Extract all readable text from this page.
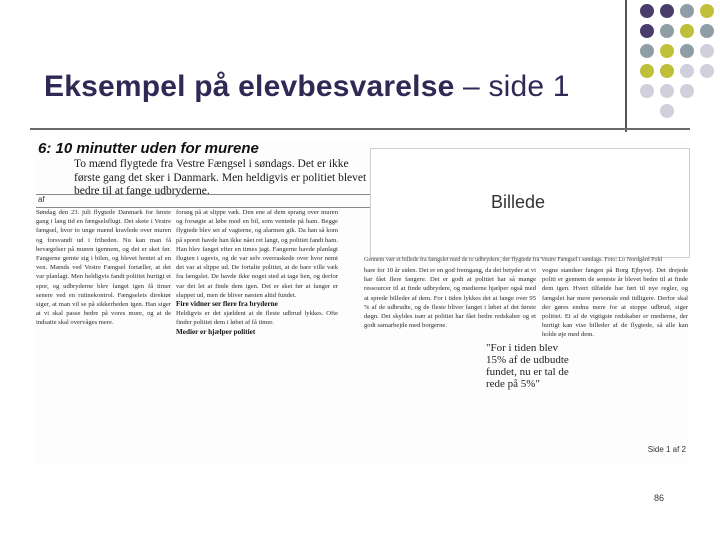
Eksempel på elevbesvarelse – side 1
6: 10 minutter uden for murene
To mænd flygtede fra Vestre Fængsel i søndags. Det er ikke første gang det sker i Danmark. Men heldigvis er politiet blevet bedre til at fange udbryderne.
af
Søndag den 23. juli flygtede Danmark for første gang i lang tid en fængselsflugt. Det skete i Vestre fængsel, hvor to unge mænd kravlede over muren og forsvandt ud i friheden. Nu kan man få bevægelser på muren igennem, og det er sket før. Fangerne gemte sig i bilen, og blevet hentet af en ven. Mænds ved Vestre Fængsel fortæller, at det var planlagt. Men heldigvis fandt politiet hurtigt et spor, og udbryderne blev fanget igen få timer senere ved en rutinekontrol. Fængselets direktør siger, at man vil se på sikkerheden igen. Han siger at vi skal passe bedre på vores mure, og at de indsatte skal overvåges mere.
forsøg på at slippe væk. Den ene af dem sprang over muren og forsøgte at løbe mod en bil, som ventede på ham. Begge flygtede blev set af vagterne, og alarmen gik. Da han så kom på sporet havde han ikke nået ret langt, og politiet fandt ham. Han blev fanget efter en times jagt. Fangerne havde planlagt flugten i ugevis, og de var selv overraskede over hvor nemt det var at slippe ud. De fortalte politiet, at de bare ville væk fra fængslet. De havde ikke noget sted at tage hen, og derfor var det let at finde dem igen. Det er sket før at fanger er sluppet ud, men de bliver næsten altid fundet.
Fire vidner ser flere fra bryderne
Heldigvis er det sjældent at de fleste udbrud lykkes. Ofte finder politiet dem i løbet af få timer.
Medier er hjælper politiet
Billede
Gennem vær et billede fra fængslet med de to udbrydere, der flygtede fra Vestre Fængsel i søndags. Foto: Lo Nordgård Pohl
bare for 10 år siden. Det er en god fremgang, da det betyder at vi har fået flere fangere. Det er godt at politiet har så mange ressourcer til at finde udbrydere, og medierne hjælper også med at sprede billeder af dem. For i tiden lykkes det at fange over 95 % af de udbrudte, og de fleste bliver fanget i løbet af det første døgn. Det skyldes især at politiet har fået bedre redskaber og et godt samarbejde med borgerne.
vogne standser fangen på Borg Ejbyvej. Det drejede politi er gennem de seneste år blevet bedre til at finde dem igen. Hvert tilfælde har ført til nye regler, og fængslet har mere personale end tidligere. Derfor skal der gøres endnu mere for at stoppe udbrud, siger politiet. Et af de vigtigste redskaber er medierne, der hurtigt kan vise billeder af de flygtede, så alle kan holde øje med dem.
"For i tiden blev 15% af de udbudte fundet, nu er tal de rede på 5%"
Side 1 af 2
86
